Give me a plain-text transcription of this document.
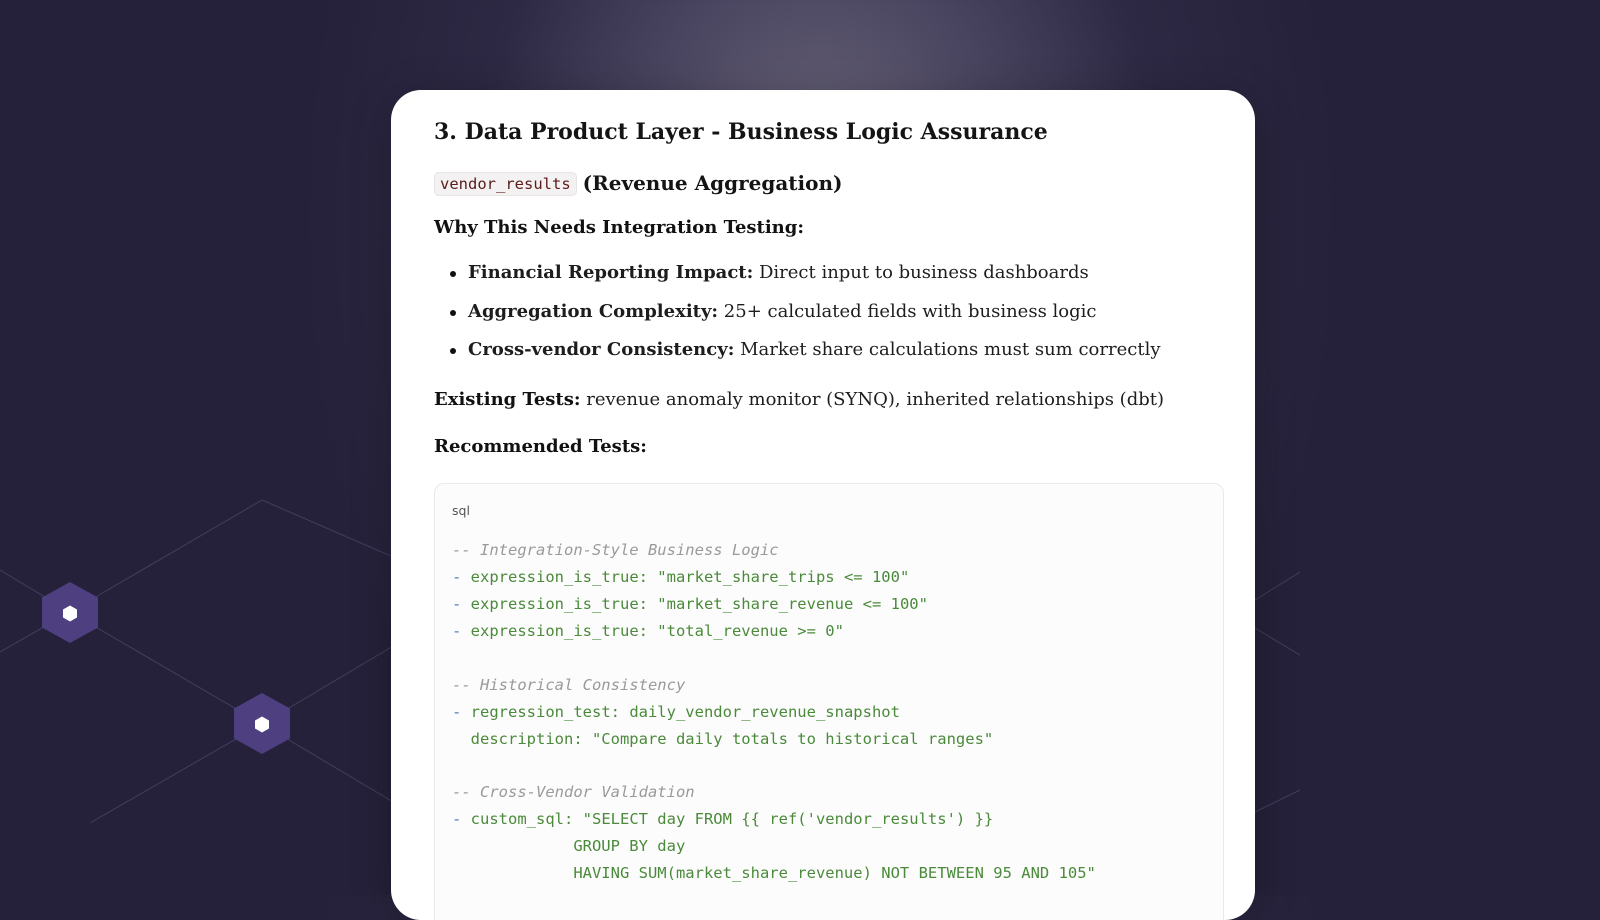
3. Data Product Layer - Business Logic Assurance
vendor_results (Revenue Aggregation)

Why This Needs Integration Testing:

Financial Reporting Impact: Direct input to business dashboards
Aggregation Complexity: 25+ calculated fields with business logic
Cross-vendor Consistency: Market share calculations must sum correctly

Existing Tests: revenue anomaly monitor (SYNQ), inherited relationships (dbt)

Recommended Tests:

sql
-- Integration-Style Business Logic
- expression_is_true: "market_share_trips <= 100"
- expression_is_true: "market_share_revenue <= 100"
- expression_is_true: "total_revenue >= 0"
-- Historical Consistency
- regression_test: daily_vendor_revenue_snapshot
description: "Compare daily totals to historical ranges"
-- Cross-Vendor Validation
- custom_sql: "SELECT day FROM {{ ref('vendor_results') }}
GROUP BY day
HAVING SUM(market_share_revenue) NOT BETWEEN 95 AND 105"
